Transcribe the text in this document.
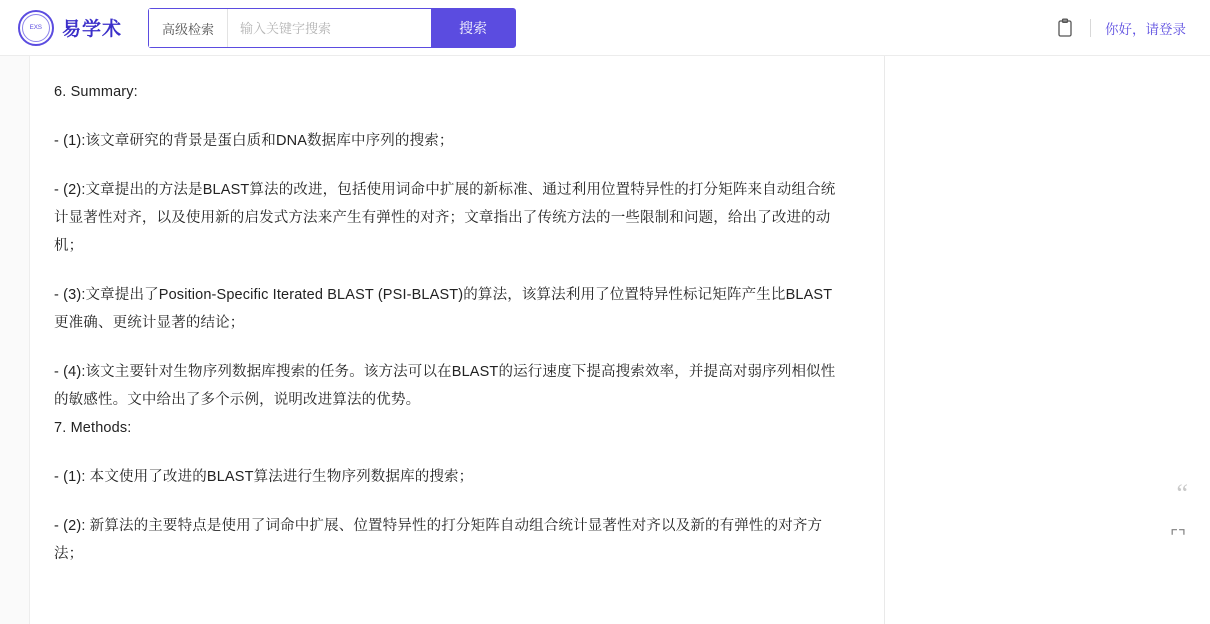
EXS 易学术	高级检索
输入关键字搜索	搜索	你好，请登录

6. Summary:

- (1):该文章研究的背景是蛋白质和DNA数据库中序列的搜索；

- (2):文章提出的方法是BLAST算法的改进，包括使用词命中扩展的新标准、通过利用位置特异性的打分矩阵来自动组合统计显著性对齐，以及使用新的启发式方法来产生有弹性的对齐；文章指出了传统方法的一些限制和问题，给出了改进的动机；

- (3):文章提出了Position-Specific Iterated BLAST (PSI-BLAST)的算法，该算法利用了位置特异性标记矩阵产生比BLAST更准确、更统计显著的结论；

- (4):该文主要针对生物序列数据库搜索的任务。该方法可以在BLAST的运行速度下提高搜索效率，并提高对弱序列相似性的敏感性。文中给出了多个示例，说明改进算法的优势。

7. Methods:

- (1): 本文使用了改进的BLAST算法进行生物序列数据库的搜索；

- (2): 新算法的主要特点是使用了词命中扩展、位置特异性的打分矩阵自动组合统计显著性对齐以及新的有弹性的对齐方法；

“
⌜⌝
